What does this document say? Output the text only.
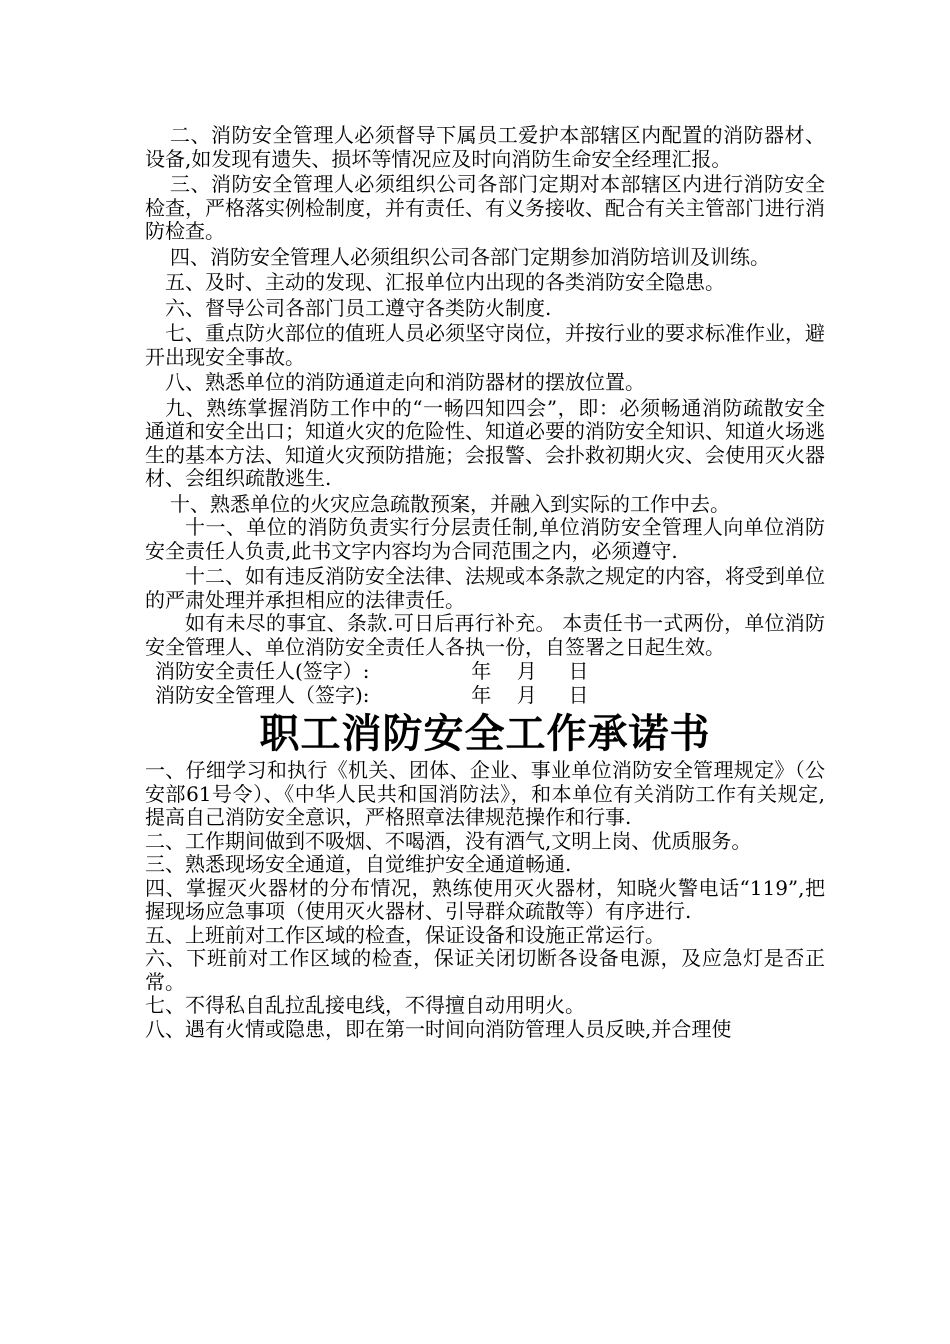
二、消防安全管理人必须督导下属员工爱护本部辖区内配置的消防器材、设备,如发现有遗失、损坏等情况应及时向消防生命安全经理汇报。

三、消防安全管理人必须组织公司各部门定期对本部辖区内进行消防安全检查，严格落实例检制度，并有责任、有义务接收、配合有关主管部门进行消防检查。

四、消防安全管理人必须组织公司各部门定期参加消防培训及训练。

五、及时、主动的发现、汇报单位内出现的各类消防安全隐患。

六、督导公司各部门员工遵守各类防火制度.

七、重点防火部位的值班人员必须坚守岗位，并按行业的要求标准作业，避开出现安全事故。

八、熟悉单位的消防通道走向和消防器材的摆放位置。

九、熟练掌握消防工作中的“一畅四知四会”，即：必须畅通消防疏散安全通道和安全出口；知道火灾的危险性、知道必要的消防安全知识、知道火场逃生的基本方法、知道火灾预防措施；会报警、会扑救初期火灾、会使用灭火器材、会组织疏散逃生.

十、熟悉单位的火灾应急疏散预案，并融入到实际的工作中去。

十一、单位的消防负责实行分层责任制,单位消防安全管理人向单位消防安全责任人负责,此书文字内容均为合同范围之内，必须遵守.

十二、如有违反消防安全法律、法规或本条款之规定的内容，将受到单位的严肃处理并承担相应的法律责任。

如有未尽的事宜、条款.可日后再行补充。 本责任书一式两份，单位消防安全管理人、单位消防安全责任人各执一份，自签署之日起生效。

消防安全责任人(签字）:                年    月     日

消防安全管理人（签字):                年    月     日

职工消防安全工作承诺书

一、仔细学习和执行《机关、团体、企业、事业单位消防安全管理规定》（公安部61号令）、《中华人民共和国消防法》，和本单位有关消防工作有关规定,提高自己消防安全意识，严格照章法律规范操作和行事.

二、工作期间做到不吸烟、不喝酒，没有酒气,文明上岗、优质服务。

三、熟悉现场安全通道，自觉维护安全通道畅通.

四、掌握灭火器材的分布情况，熟练使用灭火器材，知晓火警电话“119”,把握现场应急事项（使用灭火器材、引导群众疏散等）有序进行.

五、上班前对工作区域的检查，保证设备和设施正常运行。

六、下班前对工作区域的检查，保证关闭切断各设备电源，及应急灯是否正常。

七、不得私自乱拉乱接电线，不得擅自动用明火。

八、遇有火情或隐患，即在第一时间向消防管理人员反映,并合理使
